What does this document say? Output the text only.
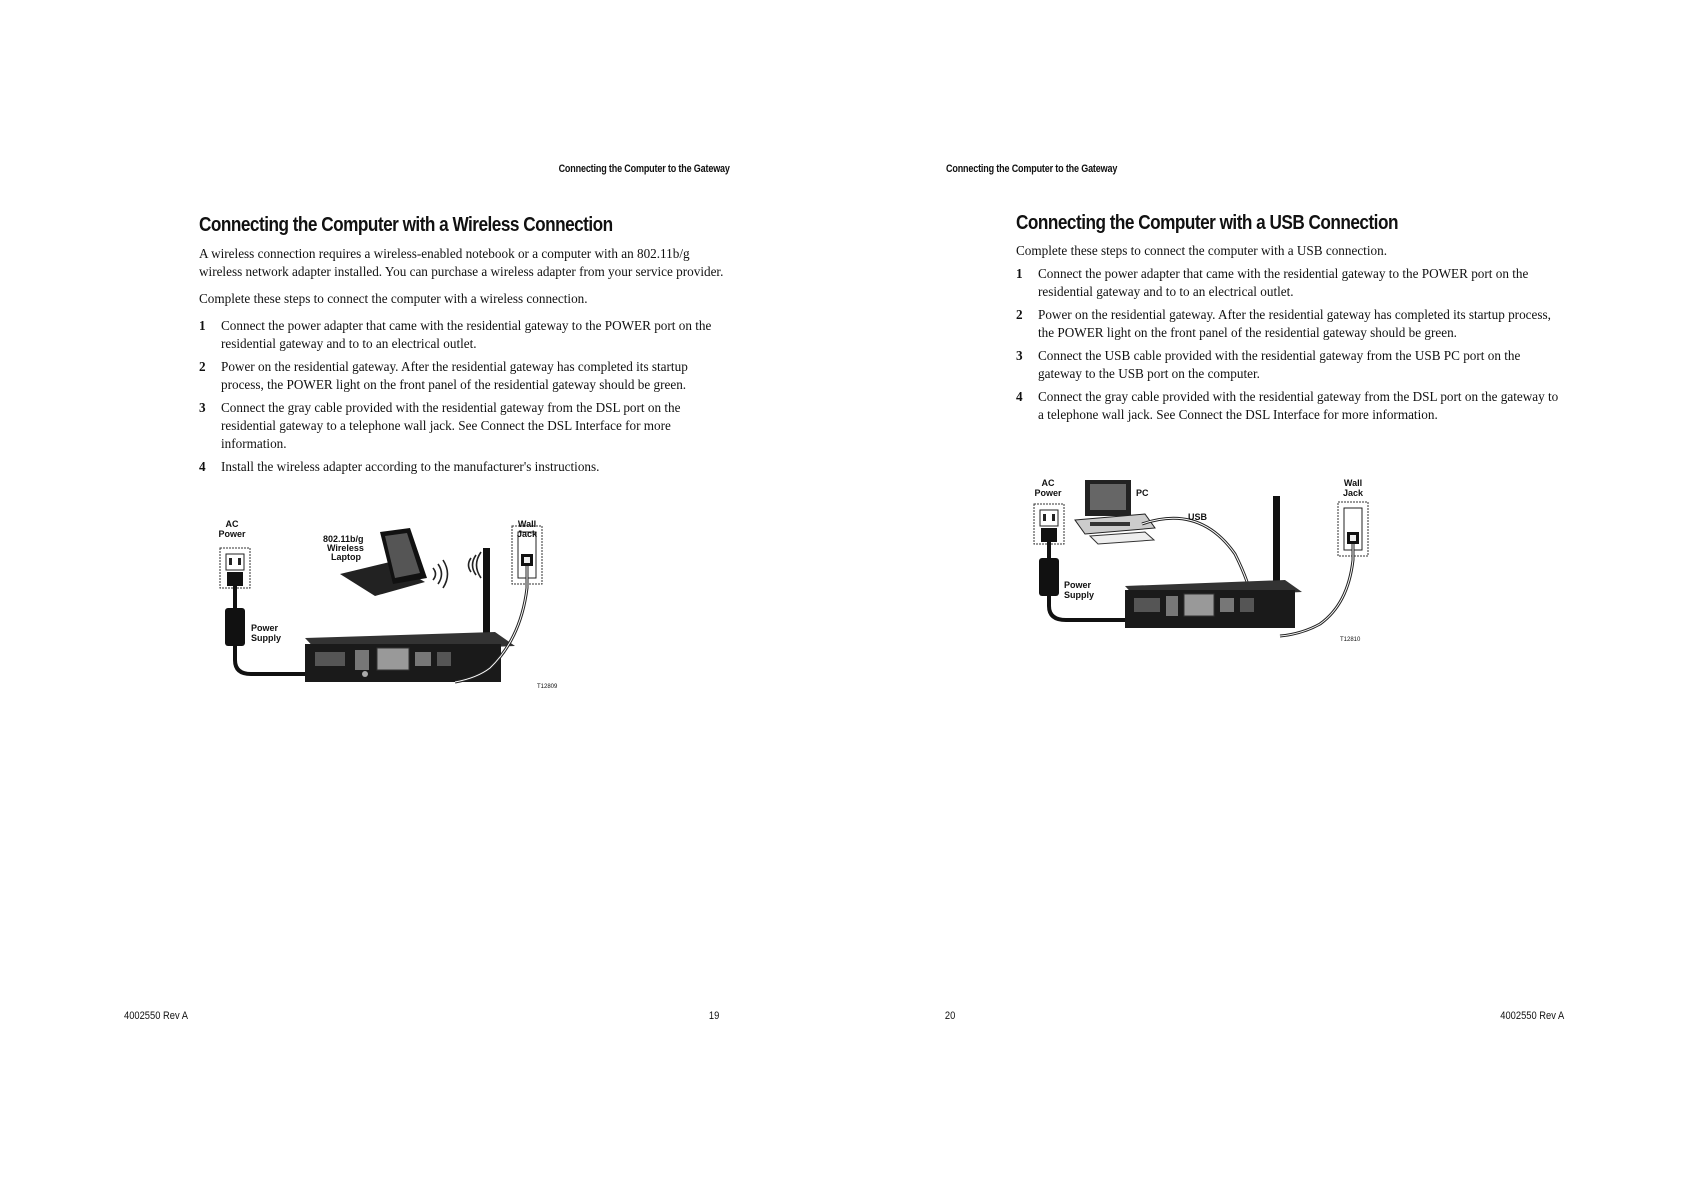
Connecting the Computer to the Gateway
Connecting the Computer with a Wireless Connection

A wireless connection requires a wireless-enabled notebook or a computer with an 802.11b/g wireless network adapter installed. You can purchase a wireless adapter from your service provider.

Complete these steps to connect the computer with a wireless connection.

1 Connect the power adapter that came with the residential gateway to the POWER port on the residential gateway and to to an electrical outlet.
2 Power on the residential gateway. After the residential gateway has completed its startup process, the POWER light on the front panel of the residential gateway should be green.
3 Connect the gray cable provided with the residential gateway from the DSL port on the residential gateway to a telephone wall jack. See Connect the DSL Interface for more information.
4 Install the wireless adapter according to the manufacturer's instructions.
AC
Power
Power
Supply
802.11b/g
Wireless
Laptop
Wall
Jack
T12809
4002550 Rev A	19
Connecting the Computer to the Gateway
Connecting the Computer with a USB Connection

Complete these steps to connect the computer with a USB connection.

1 Connect the power adapter that came with the residential gateway to the POWER port on the residential gateway and to to an electrical outlet.
2 Power on the residential gateway. After the residential gateway has completed its startup process, the POWER light on the front panel of the residential gateway should be green.
3 Connect the USB cable provided with the residential gateway from the USB PC port on the gateway to the USB port on the computer.
4 Connect the gray cable provided with the residential gateway from the DSL port on the gateway to a telephone wall jack. See Connect the DSL Interface for more information.
AC
Power
Power
Supply
PC
USB
Wall
Jack
T12810
20	4002550 Rev A
